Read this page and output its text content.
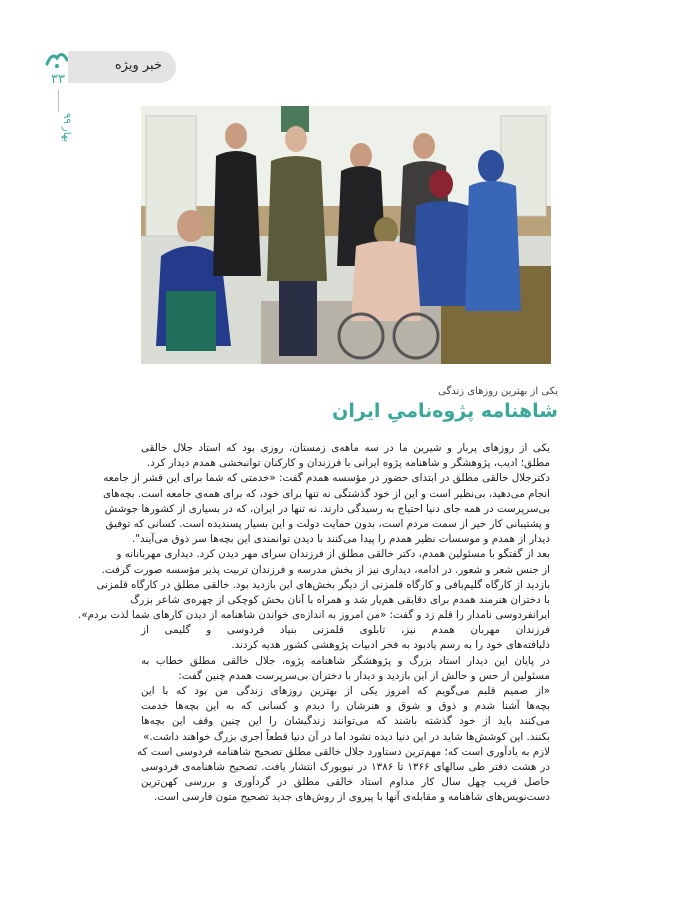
۳۳
بهار ۹۹
خبر ویژه
یکی از بهترین روزهای زندگی
شاهنامه پژوه‌نامیِ ایران
یکی از روزهای پربار و شیرین ما در سه ماهه‌ی زمستان، روزی بود که استاد جلال خالقی
مطلق؛ ادیب، پژوهشگر و شاهنامه پژوه ایرانی با فرزندان و کارکنان توانبخشی همدم دیدار کرد.
دکترجلال خالقی مطلق در ابتدای حضور در مؤسسه همدم گفت: «خدمتی که شما برای این قشر از جامعه
انجام می‌دهید، بی‌نظیر است و این از خود گذشتگی نه تنها برای خود، که برای همه‌ی جامعه است. بچه‌های
بی‌سرپرست در همه جای دنیا احتیاج به رسیدگی دارند. نه تنها در ایران، که در بسیاری از کشورها جوشش
و پشتیبانی کار خیر از سمت مردم است، بدون حمایت دولت و این بسیار پسندیده است. کسانی که توفیق
دیدار از همدم و موسسات نظیر همدم را پیدا می‌کنند با دیدن توانمندی این بچه‌ها سر ذوق می‌آیند".
بعد از گفتگو با مسئولین همدم، دکتر خالقی مطلق از فرزندان سرای مهر دیدن کرد. دیداری مهربانانه و
از جنس شعر و شعور. در ادامه، دیداری نیز از بخش مدرسه و فرزندان تربیت پذیر مؤسسه صورت گرفت.
بازدید از کارگاه گلیم‌بافی و کارگاه قلمزنی از دیگر بخش‌های این بازدید بود. خالقی مطلق در کارگاه قلمزنی
با دختران هنرمند همدم برای دقایقی هم‌یار شد و همراه با آنان بخش کوچکی از چهره‌ی شاعر بزرگ
ایرانفردوسی نامدار را قلم زد و گفت: «من امروز به اندازه‌ی خواندن شاهنامه از دیدن کارهای شما لذت بردم».
فرزندان مهربان همدم نیز، تابلوی قلمزنی بنیاد فردوسی و گلیمی از
دلبافته‌های خود را به رسم یادبود به فخر ادبیات پژوهشی کشور هدیه کردند.
در پایان این دیدار استاد بزرگ و پژوهشگر شاهنامه پژوه، جلال خالقی مطلق خطاب به
مسئولین از حس و حالش از این بازدید و دیدار با دختران بی‌سرپرست همدم چنین گفت:
«از صمیم قلبم می‌گویم که امروز یکی از بهترین روزهای زندگی من بود که با این
بچه‌ها آشنا شدم و ذوق و شوق و هنرشان را دیدم و کسانی که به این بچه‌ها خدمت
می‌کنند باید از خود گذشته باشند که می‌توانند زندگیشان را این چنین وقف این بچه‌ها
بکنند. این کوشش‌ها شاید در این دنیا دیده نشود اما در آن دنیا قطعاً اجری بزرگ خواهند داشت.»
لازم به یادآوری است که؛ مهم‌ترین دستاورد جلال خالقی مطلق تصحیح شاهنامه فردوسی است که
در هشت دفتر طی سالهای ۱۳۶۶ تا ۱۳۸۶ در نیویورک انتشار یافت. تصحیح شاهنامه‌ی فردوسی
حاصل قریب چهل سال کار مداوم استاد خالقی مطلق در گردآوری و بررسی کهن‌ترین
دست‌نویس‌های شاهنامه و مقابله‌ی آنها با پیروی از روش‌های جدید تصحیح متون فارسی است.
